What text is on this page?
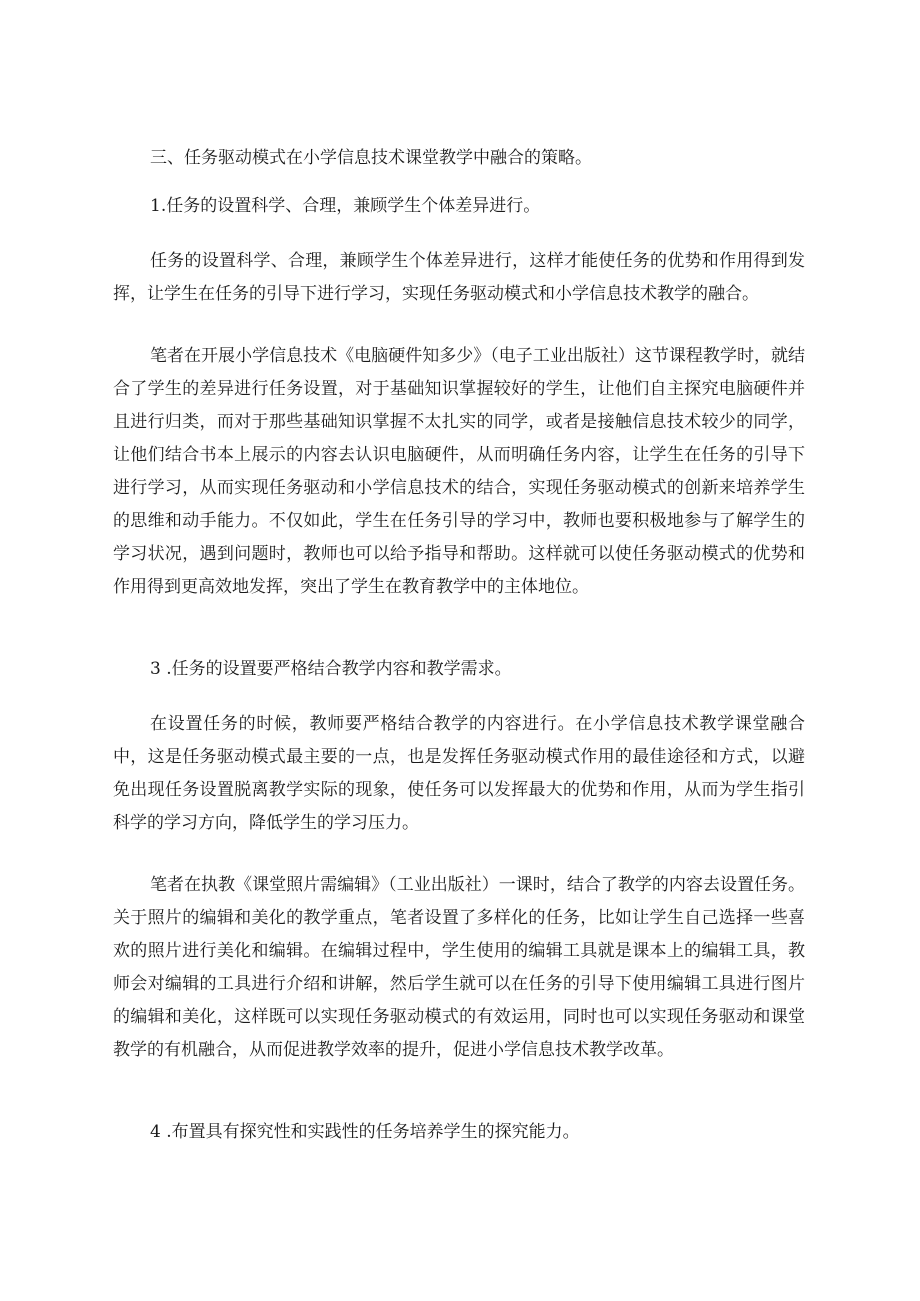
三、任务驱动模式在小学信息技术课堂教学中融合的策略。

1.任务的设置科学、合理，兼顾学生个体差异进行。

任务的设置科学、合理，兼顾学生个体差异进行，这样才能使任务的优势和作用得到发挥，让学生在任务的引导下进行学习，实现任务驱动模式和小学信息技术教学的融合。

笔者在开展小学信息技术《电脑硬件知多少》（电子工业出版社）这节课程教学时，就结合了学生的差异进行任务设置，对于基础知识掌握较好的学生，让他们自主探究电脑硬件并且进行归类，而对于那些基础知识掌握不太扎实的同学，或者是接触信息技术较少的同学，让他们结合书本上展示的内容去认识电脑硬件，从而明确任务内容，让学生在任务的引导下进行学习，从而实现任务驱动和小学信息技术的结合，实现任务驱动模式的创新来培养学生的思维和动手能力。不仅如此，学生在任务引导的学习中，教师也要积极地参与了解学生的学习状况，遇到问题时，教师也可以给予指导和帮助。这样就可以使任务驱动模式的优势和作用得到更高效地发挥，突出了学生在教育教学中的主体地位。

3 .任务的设置要严格结合教学内容和教学需求。

在设置任务的时候，教师要严格结合教学的内容进行。在小学信息技术教学课堂融合中，这是任务驱动模式最主要的一点，也是发挥任务驱动模式作用的最佳途径和方式，以避免出现任务设置脱离教学实际的现象，使任务可以发挥最大的优势和作用，从而为学生指引科学的学习方向，降低学生的学习压力。

笔者在执教《课堂照片需编辑》（工业出版社）一课时，结合了教学的内容去设置任务。关于照片的编辑和美化的教学重点，笔者设置了多样化的任务，比如让学生自己选择一些喜欢的照片进行美化和编辑。在编辑过程中，学生使用的编辑工具就是课本上的编辑工具，教师会对编辑的工具进行介绍和讲解，然后学生就可以在任务的引导下使用编辑工具进行图片的编辑和美化，这样既可以实现任务驱动模式的有效运用，同时也可以实现任务驱动和课堂教学的有机融合，从而促进教学效率的提升，促进小学信息技术教学改革。

4 .布置具有探究性和实践性的任务培养学生的探究能力。
